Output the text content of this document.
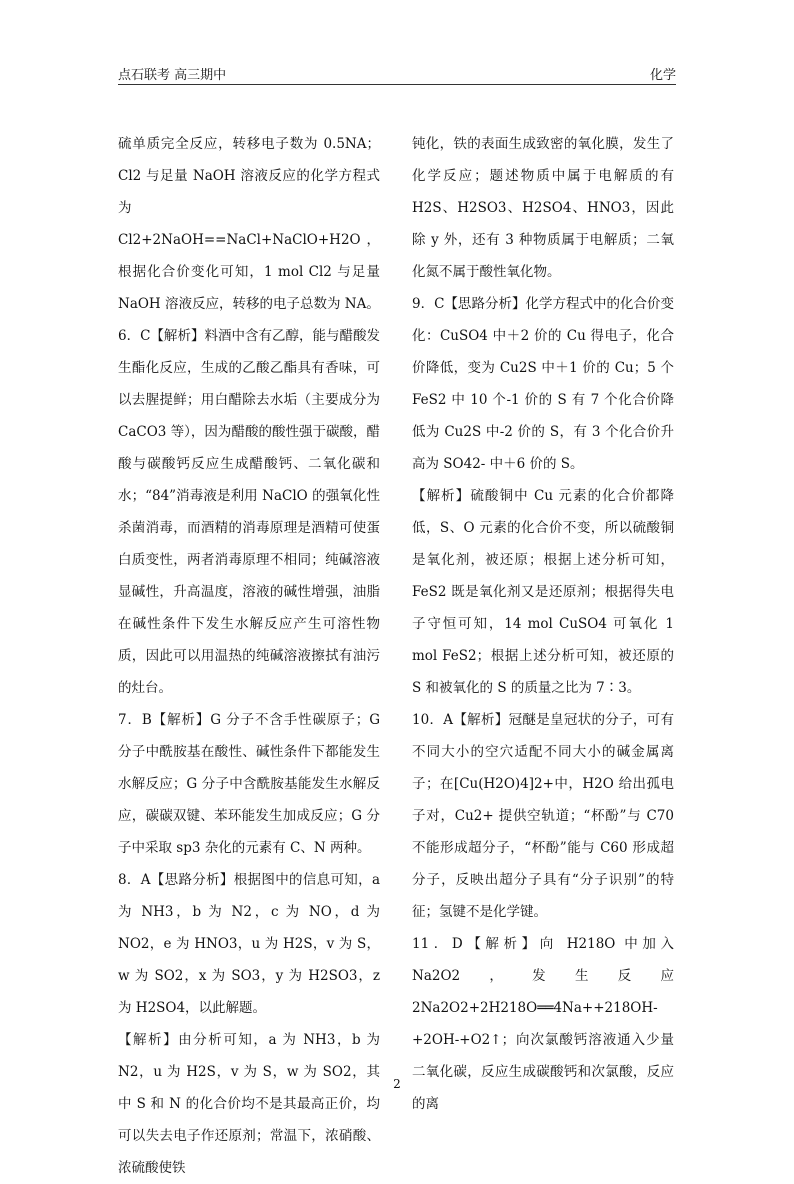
点石联考 高三期中	化学

硫单质完全反应，转移电子数为 0.5NA；Cl2 与足量 NaOH 溶液反应的化学方程式为 Cl2+2NaOH==NaCl+NaClO+H2O，根据化合价变化可知，1 mol Cl2 与足量 NaOH 溶液反应，转移的电子总数为 NA。

6．C【解析】料酒中含有乙醇，能与醋酸发生酯化反应，生成的乙酸乙酯具有香味，可以去腥提鲜；用白醋除去水垢（主要成分为 CaCO3 等），因为醋酸的酸性强于碳酸，醋酸与碳酸钙反应生成醋酸钙、二氧化碳和水；“84”消毒液是利用 NaClO 的强氧化性杀菌消毒，而酒精的消毒原理是酒精可使蛋白质变性，两者消毒原理不相同；纯碱溶液显碱性，升高温度，溶液的碱性增强，油脂在碱性条件下发生水解反应产生可溶性物质，因此可以用温热的纯碱溶液擦拭有油污的灶台。

7．B【解析】G 分子不含手性碳原子；G 分子中酰胺基在酸性、碱性条件下都能发生水解反应；G 分子中含酰胺基能发生水解反应，碳碳双键、苯环能发生加成反应；G 分子中采取 sp3 杂化的元素有 C、N 两种。

8．A【思路分析】根据图中的信息可知，a 为 NH3，b 为 N2，c 为 NO，d 为 NO2，e 为 HNO3，u 为 H2S，v 为 S，w 为 SO2，x 为 SO3，y 为 H2SO3，z 为 H2SO4，以此解题。

【解析】由分析可知，a 为 NH3，b 为 N2，u 为 H2S，v 为 S，w 为 SO2，其中 S 和 N 的化合价均不是其最高正价，均可以失去电子作还原剂；常温下，浓硝酸、浓硫酸使铁

钝化，铁的表面生成致密的氧化膜，发生了化学反应；题述物质中属于电解质的有 H2S、H2SO3、H2SO4、HNO3，因此除 y 外，还有 3 种物质属于电解质；二氧化氮不属于酸性氧化物。

9．C【思路分析】化学方程式中的化合价变化：CuSO4 中＋2 价的 Cu 得电子，化合价降低，变为 Cu2S 中＋1 价的 Cu；5 个 FeS2 中 10 个-1 价的 S 有 7 个化合价降低为 Cu2S 中-2 价的 S，有 3 个化合价升高为 SO42- 中＋6 价的 S。

【解析】硫酸铜中 Cu 元素的化合价都降低，S、O 元素的化合价不变，所以硫酸铜是氧化剂，被还原；根据上述分析可知，FeS2 既是氧化剂又是还原剂；根据得失电子守恒可知，14 mol CuSO4 可氧化 1 mol FeS2；根据上述分析可知，被还原的 S 和被氧化的 S 的质量之比为 7∶3。

10．A【解析】冠醚是皇冠状的分子，可有不同大小的空穴适配不同大小的碱金属离子；在[Cu(H2O)4]2+中，H2O 给出孤电子对，Cu2+ 提供空轨道；“杯酚”与 C70 不能形成超分子，“杯酚”能与 C60 形成超分子，反映出超分子具有“分子识别”的特征；氢键不是化学键。

11．D【解析】向 H218O 中加入 Na2O2，发生反应 2Na2O2+2H218O══4Na++218OH-+2OH-+O2↑；向次氯酸钙溶液通入少量二氧化碳，反应生成碳酸钙和次氯酸，反应的离

2
